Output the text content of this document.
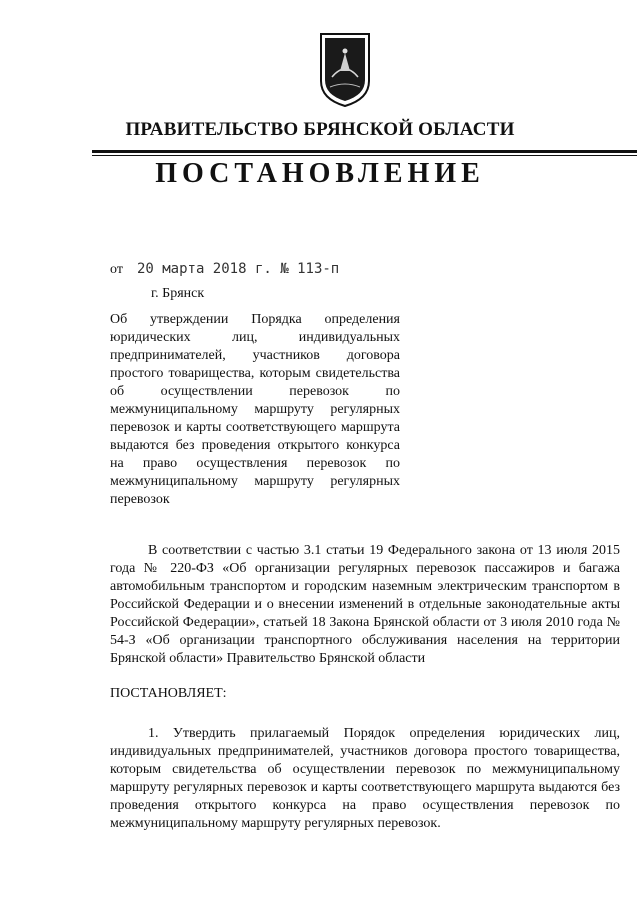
ПРАВИТЕЛЬСТВО БРЯНСКОЙ ОБЛАСТИ
ПОСТАНОВЛЕНИЕ
от 20 марта 2018 г. № 113-п
г. Брянск
Об утверждении Порядка определения юридических лиц, индивидуальных предпринимателей, участников договора простого товарищества, которым свидетельства об осуществлении перевозок по межмуниципальному маршруту регулярных перевозок и карты соответствующего маршрута выдаются без проведения открытого конкурса на право осуществления перевозок по межмуниципальному маршруту регулярных перевозок

В соответствии с частью 3.1 статьи 19 Федерального закона от 13 июля 2015 года № 220-ФЗ «Об организации регулярных перевозок пассажиров и багажа автомобильным транспортом и городским наземным электрическим транспортом в Российской Федерации и о внесении изменений в отдельные законодательные акты Российской Федерации», статьей 18 Закона Брянской области от 3 июля 2010 года № 54-З «Об организации транспортного обслуживания населения на территории Брянской области» Правительство Брянской области

ПОСТАНОВЛЯЕТ:

1. Утвердить прилагаемый Порядок определения юридических лиц, индивидуальных предпринимателей, участников договора простого товарищества, которым свидетельства об осуществлении перевозок по межмуниципальному маршруту регулярных перевозок и карты соответствующего маршрута выдаются без проведения открытого конкурса на право осуществления перевозок по межмуниципальному маршруту регулярных перевозок.
